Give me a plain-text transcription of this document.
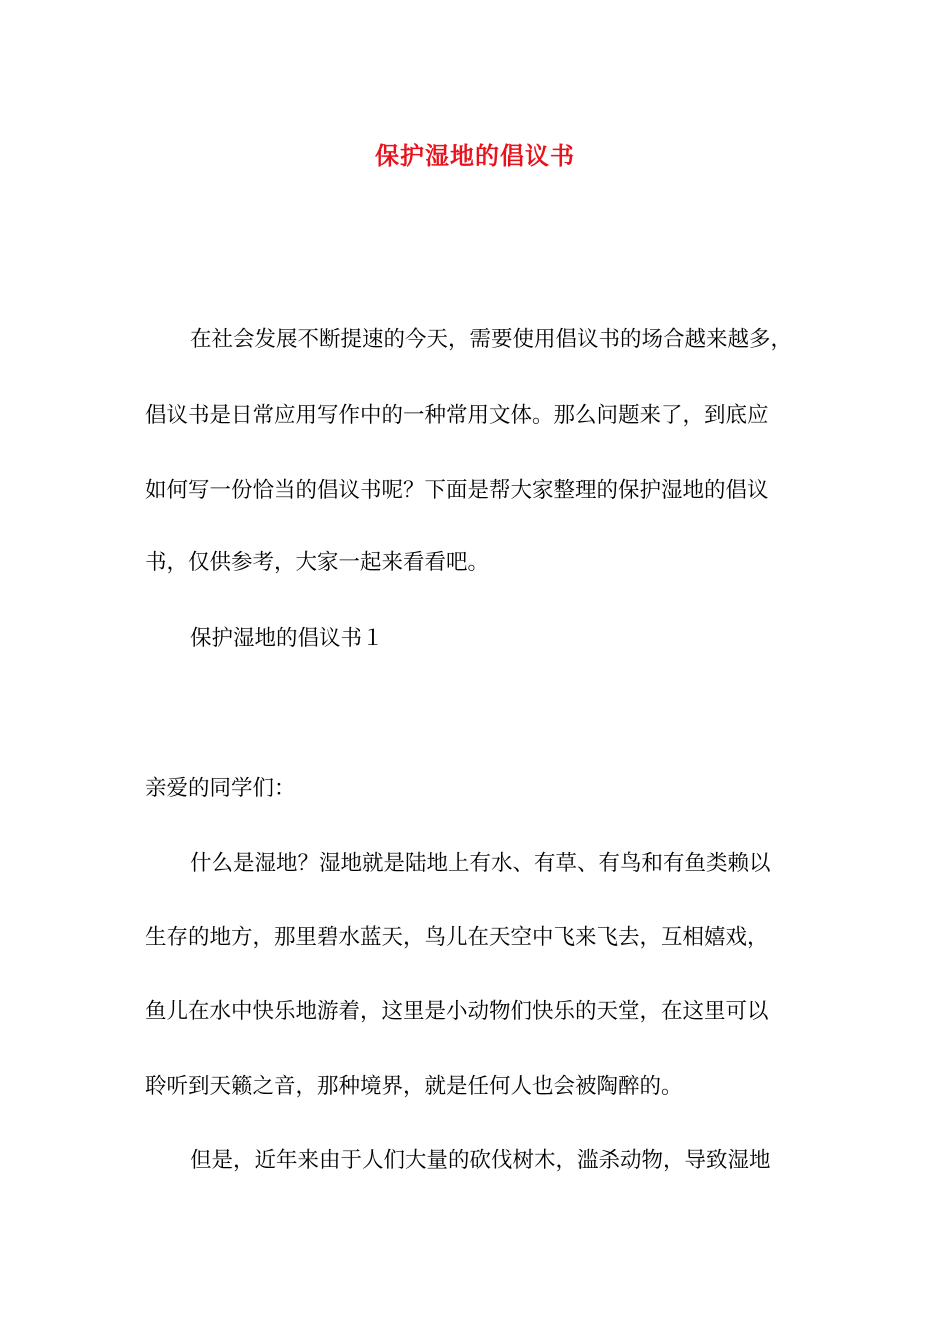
保护湿地的倡议书
在社会发展不断提速的今天，需要使用倡议书的场合越来越多，
倡议书是日常应用写作中的一种常用文体。那么问题来了，到底应
如何写一份恰当的倡议书呢？下面是帮大家整理的保护湿地的倡议
书，仅供参考，大家一起来看看吧。
保护湿地的倡议书１
亲爱的同学们：
什么是湿地？湿地就是陆地上有水、有草、有鸟和有鱼类赖以
生存的地方，那里碧水蓝天，鸟儿在天空中飞来飞去，互相嬉戏，
鱼儿在水中快乐地游着，这里是小动物们快乐的天堂，在这里可以
聆听到天籁之音，那种境界，就是任何人也会被陶醉的。
但是，近年来由于人们大量的砍伐树木，滥杀动物，导致湿地
